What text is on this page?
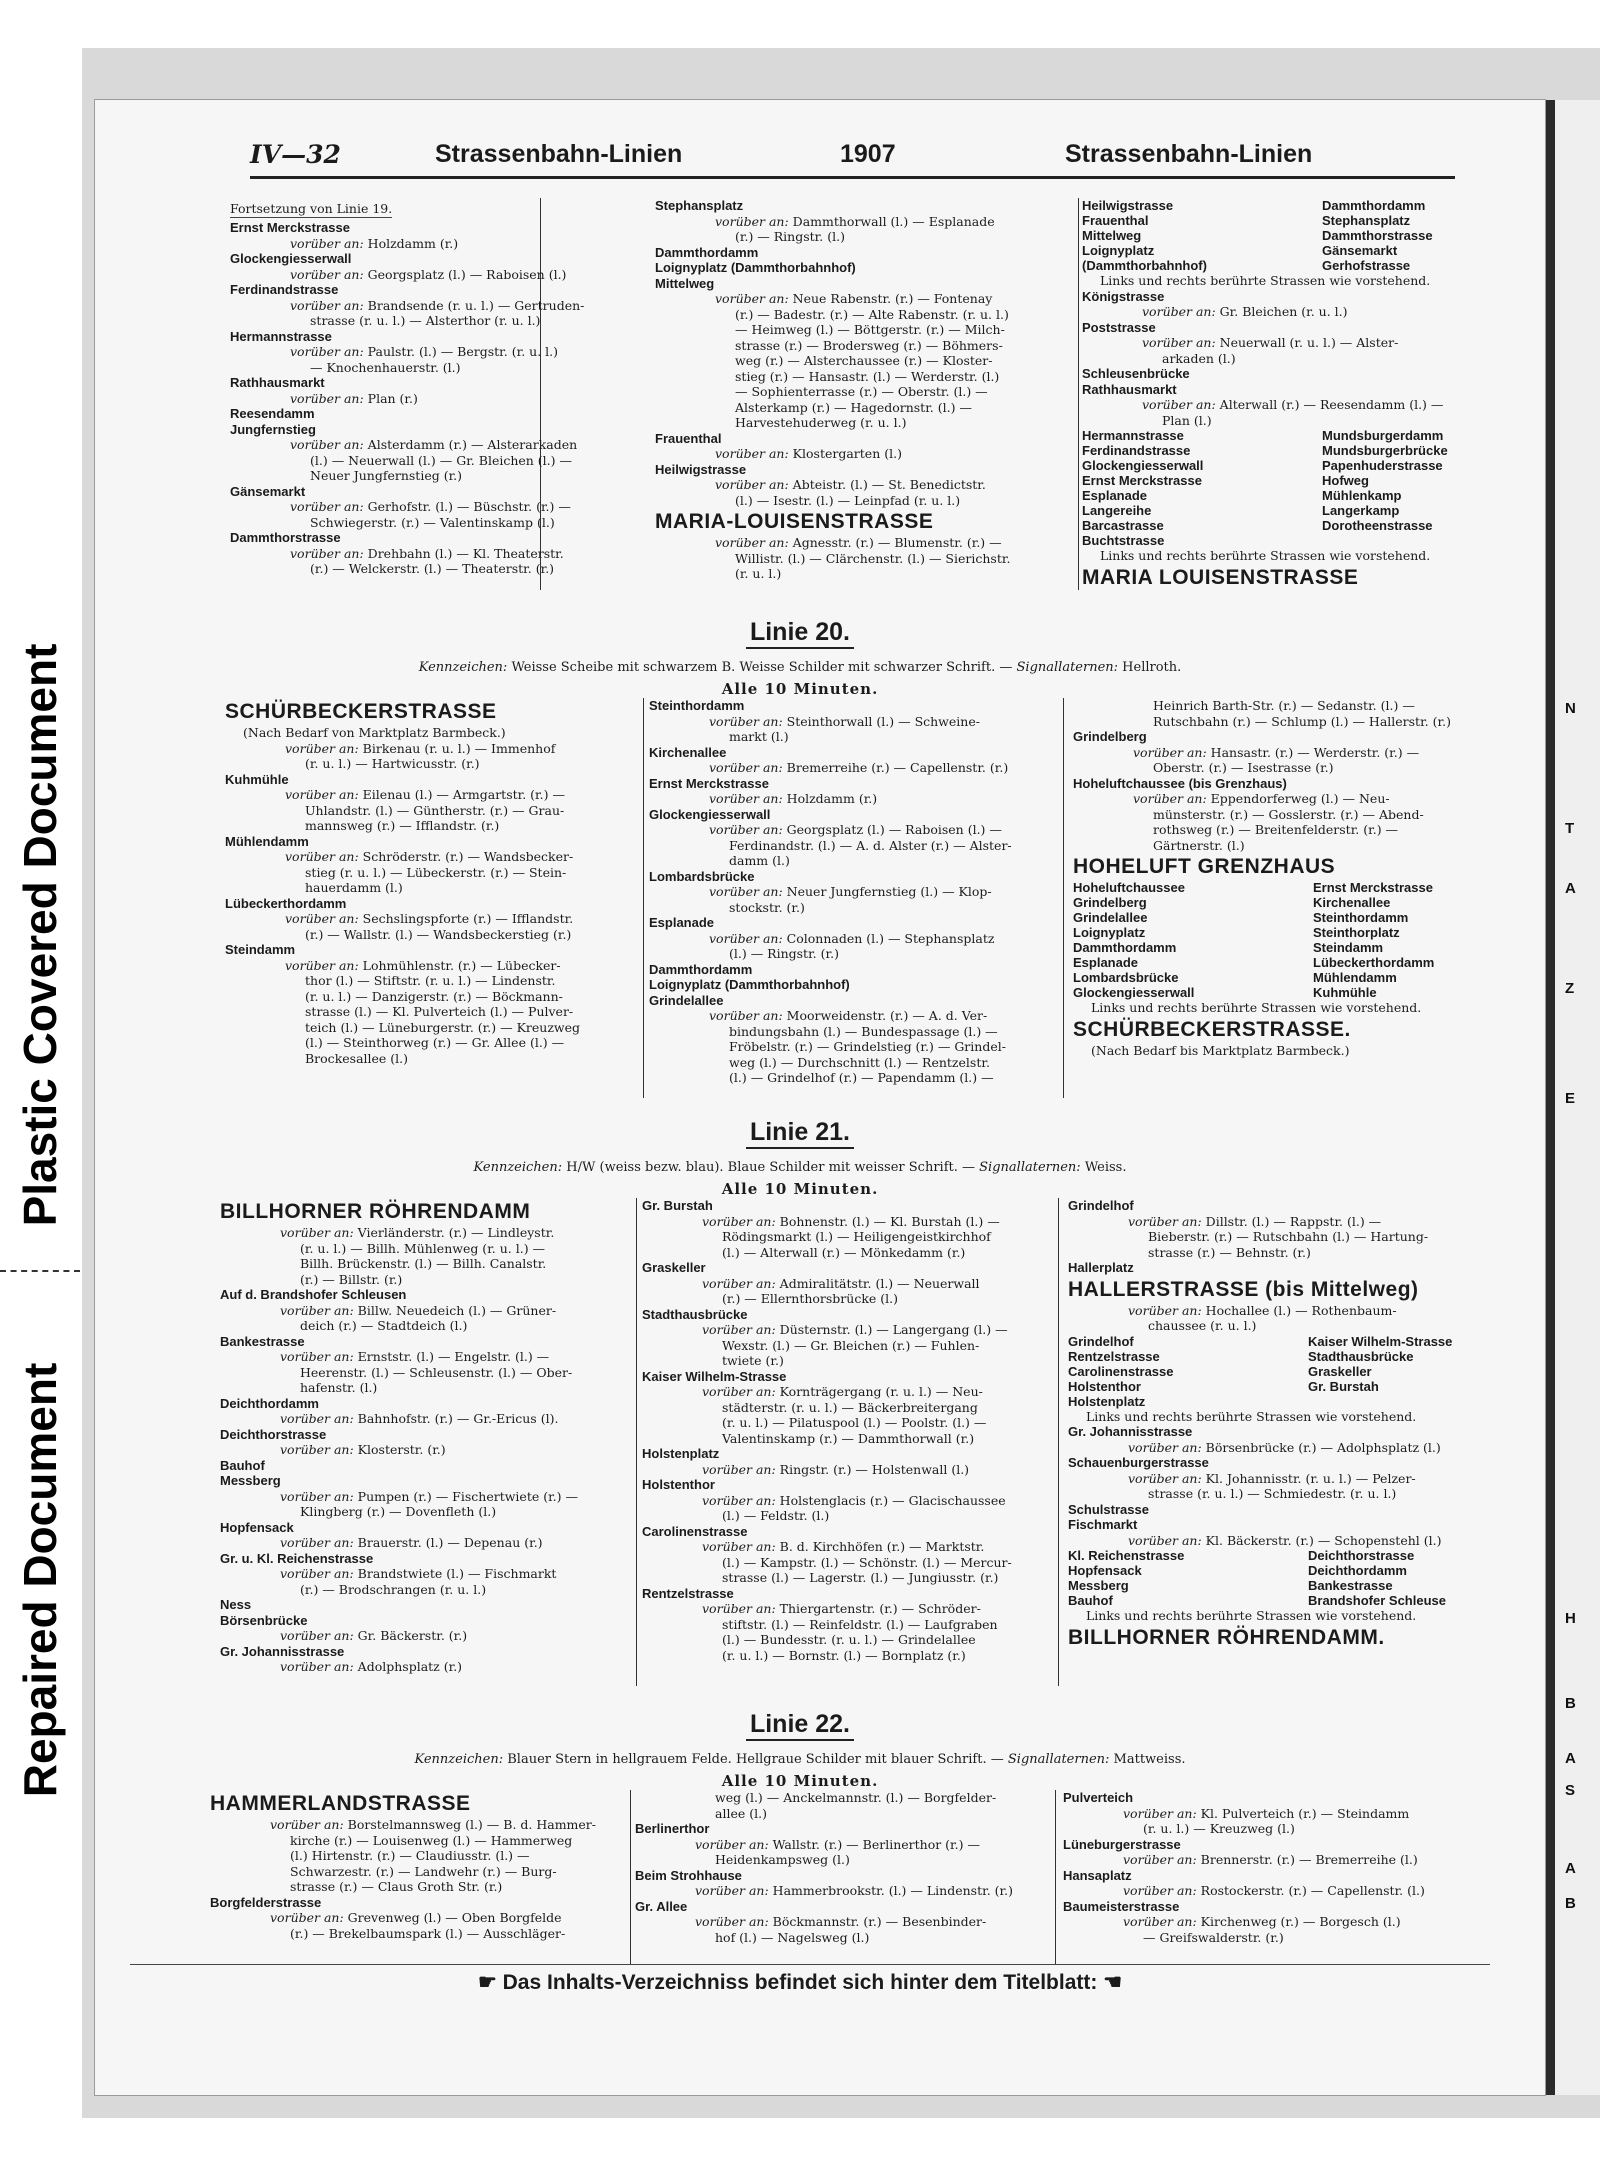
Plastic Covered Document
Repaired Document
N
T
A
Z
E
H
B
A
S
A
B
IV—32	Strassenbahn-Linien	1907	Strassenbahn-Linien
Fortsetzung von Linie 19.
Ernst Merckstrasse
vorüber an: Holzdamm (r.)
Glockengiesserwall
vorüber an: Georgsplatz (l.) — Raboisen (l.)
Ferdinandstrasse
vorüber an: Brandsende (r. u. l.) — Gertruden-
strasse (r. u. l.) — Alsterthor (r. u. l.)
Hermannstrasse
vorüber an: Paulstr. (l.) — Bergstr. (r. u. l.)
— Knochenhauerstr. (l.)
Rathhausmarkt
vorüber an: Plan (r.)
Reesendamm
Jungfernstieg
vorüber an: Alsterdamm (r.) — Alsterarkaden
(l.) — Neuerwall (l.) — Gr. Bleichen (l.) —
Neuer Jungfernstieg (r.)
Gänsemarkt
vorüber an: Gerhofstr. (l.) — Büschstr. (r.) —
Schwiegerstr. (r.) — Valentinskamp (l.)
Dammthorstrasse
vorüber an: Drehbahn (l.) — Kl. Theaterstr.
(r.) — Welckerstr. (l.) — Theaterstr. (r.)
Stephansplatz
vorüber an: Dammthorwall (l.) — Esplanade
(r.) — Ringstr. (l.)
Dammthordamm
Loignyplatz (Dammthorbahnhof)
Mittelweg
vorüber an: Neue Rabenstr. (r.) — Fontenay
(r.) — Badestr. (r.) — Alte Rabenstr. (r. u. l.)
— Heimweg (l.) — Böttgerstr. (r.) — Milch-
strasse (r.) — Brodersweg (r.) — Böhmers-
weg (r.) — Alsterchaussee (r.) — Kloster-
stieg (r.) — Hansastr. (l.) — Werderstr. (l.)
— Sophienterrasse (r.) — Oberstr. (l.) —
Alsterkamp (r.) — Hagedornstr. (l.) —
Harvestehuderweg (r. u. l.)
Frauenthal
vorüber an: Klostergarten (l.)
Heilwigstrasse
vorüber an: Abteistr. (l.) — St. Benedictstr.
(l.) — Isestr. (l.) — Leinpfad (r. u. l.)
MARIA-LOUISENSTRASSE
vorüber an: Agnesstr. (r.) — Blumenstr. (r.) —
Willistr. (l.) — Clärchenstr. (l.) — Sierichstr.
(r. u. l.)
Heilwigstrasse	Dammthordamm
Frauenthal	Stephansplatz
Mittelweg	Dammthorstrasse
Loignyplatz	Gänsemarkt
(Dammthorbahnhof)	Gerhofstrasse
Links und rechts berührte Strassen wie vorstehend.
Königstrasse
vorüber an: Gr. Bleichen (r. u. l.)
Poststrasse
vorüber an: Neuerwall (r. u. l.) — Alster-
arkaden (l.)
Schleusenbrücke
Rathhausmarkt
vorüber an: Alterwall (r.) — Reesendamm (l.) —
Plan (l.)
Hermannstrasse	Mundsburgerdamm
Ferdinandstrasse	Mundsburgerbrücke
Glockengiesserwall	Papenhuderstrasse
Ernst Merckstrasse	Hofweg
Esplanade	Mühlenkamp
Langereihe	Langerkamp
Barcastrasse	Dorotheenstrasse
Buchtstrasse
Links und rechts berührte Strassen wie vorstehend.
MARIA LOUISENSTRASSE
Linie 20.
Kennzeichen: Weisse Scheibe mit schwarzem B. Weisse Schilder mit schwarzer Schrift. — Signallaternen: Hellroth.
Alle 10 Minuten.
SCHÜRBECKERSTRASSE
(Nach Bedarf von Marktplatz Barmbeck.)
vorüber an: Birkenau (r. u. l.) — Immenhof
(r. u. l.) — Hartwicusstr. (r.)
Kuhmühle
vorüber an: Eilenau (l.) — Armgartstr. (r.) —
Uhlandstr. (l.) — Güntherstr. (r.) — Grau-
mannsweg (r.) — Ifflandstr. (r.)
Mühlendamm
vorüber an: Schröderstr. (r.) — Wandsbecker-
stieg (r. u. l.) — Lübeckerstr. (r.) — Stein-
hauerdamm (l.)
Lübeckerthordamm
vorüber an: Sechslingspforte (r.) — Ifflandstr.
(r.) — Wallstr. (l.) — Wandsbeckerstieg (r.)
Steindamm
vorüber an: Lohmühlenstr. (r.) — Lübecker-
thor (l.) — Stiftstr. (r. u. l.) — Lindenstr.
(r. u. l.) — Danzigerstr. (r.) — Böckmann-
strasse (l.) — Kl. Pulverteich (l.) — Pulver-
teich (l.) — Lüneburgerstr. (r.) — Kreuzweg
(l.) — Steinthorweg (r.) — Gr. Allee (l.) —
Brockesallee (l.)
Steinthordamm
vorüber an: Steinthorwall (l.) — Schweine-
markt (l.)
Kirchenallee
vorüber an: Bremerreihe (r.) — Capellenstr. (r.)
Ernst Merckstrasse
vorüber an: Holzdamm (r.)
Glockengiesserwall
vorüber an: Georgsplatz (l.) — Raboisen (l.) —
Ferdinandstr. (l.) — A. d. Alster (r.) — Alster-
damm (l.)
Lombardsbrücke
vorüber an: Neuer Jungfernstieg (l.) — Klop-
stockstr. (r.)
Esplanade
vorüber an: Colonnaden (l.) — Stephansplatz
(l.) — Ringstr. (r.)
Dammthordamm
Loignyplatz (Dammthorbahnhof)
Grindelallee
vorüber an: Moorweidenstr. (r.) — A. d. Ver-
bindungsbahn (l.) — Bundespassage (l.) —
Fröbelstr. (r.) — Grindelstieg (r.) — Grindel-
weg (l.) — Durchschnitt (l.) — Rentzelstr.
(l.) — Grindelhof (r.) — Papendamm (l.) —
Heinrich Barth-Str. (r.) — Sedanstr. (l.) —
Rutschbahn (r.) — Schlump (l.) — Hallerstr. (r.)
Grindelberg
vorüber an: Hansastr. (r.) — Werderstr. (r.) —
Oberstr. (r.) — Isestrasse (r.)
Hoheluftchaussee (bis Grenzhaus)
vorüber an: Eppendorferweg (l.) — Neu-
münsterstr. (r.) — Gosslerstr. (r.) — Abend-
rothsweg (r.) — Breitenfelderstr. (r.) —
Gärtnerstr. (l.)
HOHELUFT GRENZHAUS
Hoheluftchaussee	Ernst Merckstrasse
Grindelberg	Kirchenallee
Grindelallee	Steinthordamm
Loignyplatz	Steinthorplatz
Dammthordamm	Steindamm
Esplanade	Lübeckerthordamm
Lombardsbrücke	Mühlendamm
Glockengiesserwall	Kuhmühle
Links und rechts berührte Strassen wie vorstehend.
SCHÜRBECKERSTRASSE.
(Nach Bedarf bis Marktplatz Barmbeck.)
Linie 21.
Kennzeichen: H/W (weiss bezw. blau). Blaue Schilder mit weisser Schrift. — Signallaternen: Weiss.
Alle 10 Minuten.
BILLHORNER RÖHRENDAMM
vorüber an: Vierländerstr. (r.) — Lindleystr.
(r. u. l.) — Billh. Mühlenweg (r. u. l.) —
Billh. Brückenstr. (l.) — Billh. Canalstr.
(r.) — Billstr. (r.)
Auf d. Brandshofer Schleusen
vorüber an: Billw. Neuedeich (l.) — Grüner-
deich (r.) — Stadtdeich (l.)
Bankestrasse
vorüber an: Ernststr. (l.) — Engelstr. (l.) —
Heerenstr. (l.) — Schleusenstr. (l.) — Ober-
hafenstr. (l.)
Deichthordamm
vorüber an: Bahnhofstr. (r.) — Gr.-Ericus (l).
Deichthorstrasse
vorüber an: Klosterstr. (r.)
Bauhof
Messberg
vorüber an: Pumpen (r.) — Fischertwiete (r.) —
Klingberg (r.) — Dovenfleth (l.)
Hopfensack
vorüber an: Brauerstr. (l.) — Depenau (r.)
Gr. u. Kl. Reichenstrasse
vorüber an: Brandstwiete (l.) — Fischmarkt
(r.) — Brodschrangen (r. u. l.)
Ness
Börsenbrücke
vorüber an: Gr. Bäckerstr. (r.)
Gr. Johannisstrasse
vorüber an: Adolphsplatz (r.)
Gr. Burstah
vorüber an: Bohnenstr. (l.) — Kl. Burstah (l.) —
Rödingsmarkt (l.) — Heiligengeistkirchhof
(l.) — Alterwall (r.) — Mönkedamm (r.)
Graskeller
vorüber an: Admiralitätstr. (l.) — Neuerwall
(r.) — Ellernthorsbrücke (l.)
Stadthausbrücke
vorüber an: Düsternstr. (l.) — Langergang (l.) —
Wexstr. (l.) — Gr. Bleichen (r.) — Fuhlen-
twiete (r.)
Kaiser Wilhelm-Strasse
vorüber an: Kornträgergang (r. u. l.) — Neu-
städterstr. (r. u. l.) — Bäckerbreitergang
(r. u. l.) — Pilatuspool (l.) — Poolstr. (l.) —
Valentinskamp (r.) — Dammthorwall (r.)
Holstenplatz
vorüber an: Ringstr. (r.) — Holstenwall (l.)
Holstenthor
vorüber an: Holstenglacis (r.) — Glacischaussee
(l.) — Feldstr. (l.)
Carolinenstrasse
vorüber an: B. d. Kirchhöfen (r.) — Marktstr.
(l.) — Kampstr. (l.) — Schönstr. (l.) — Mercur-
strasse (l.) — Lagerstr. (l.) — Jungiusstr. (r.)
Rentzelstrasse
vorüber an: Thiergartenstr. (r.) — Schröder-
stiftstr. (l.) — Reinfeldstr. (l.) — Laufgraben
(l.) — Bundesstr. (r. u. l.) — Grindelallee
(r. u. l.) — Bornstr. (l.) — Bornplatz (r.)
Grindelhof
vorüber an: Dillstr. (l.) — Rappstr. (l.) —
Bieberstr. (r.) — Rutschbahn (l.) — Hartung-
strasse (r.) — Behnstr. (r.)
Hallerplatz
HALLERSTRASSE (bis Mittelweg)
vorüber an: Hochallee (l.) — Rothenbaum-
chaussee (r. u. l.)
Grindelhof	Kaiser Wilhelm-Strasse
Rentzelstrasse	Stadthausbrücke
Carolinenstrasse	Graskeller
Holstenthor	Gr. Burstah
Holstenplatz
Links und rechts berührte Strassen wie vorstehend.
Gr. Johannisstrasse
vorüber an: Börsenbrücke (r.) — Adolphsplatz (l.)
Schauenburgerstrasse
vorüber an: Kl. Johannisstr. (r. u. l.) — Pelzer-
strasse (r. u. l.) — Schmiedestr. (r. u. l.)
Schulstrasse
Fischmarkt
vorüber an: Kl. Bäckerstr. (r.) — Schopenstehl (l.)
Kl. Reichenstrasse	Deichthorstrasse
Hopfensack	Deichthordamm
Messberg	Bankestrasse
Bauhof	Brandshofer Schleuse
Links und rechts berührte Strassen wie vorstehend.
BILLHORNER RÖHRENDAMM.
Linie 22.
Kennzeichen: Blauer Stern in hellgrauem Felde. Hellgraue Schilder mit blauer Schrift. — Signallaternen: Mattweiss.
Alle 10 Minuten.
HAMMERLANDSTRASSE
vorüber an: Borstelmannsweg (l.) — B. d. Hammer-
kirche (r.) — Louisenweg (l.) — Hammerweg
(l.) Hirtenstr. (r.) — Claudiusstr. (l.) —
Schwarzestr. (r.) — Landwehr (r.) — Burg-
strasse (r.) — Claus Groth Str. (r.)
Borgfelderstrasse
vorüber an: Grevenweg (l.) — Oben Borgfelde
(r.) — Brekelbaumspark (l.) — Ausschläger-
weg (l.) — Anckelmannstr. (l.) — Borgfelder-
allee (l.)
Berlinerthor
vorüber an: Wallstr. (r.) — Berlinerthor (r.) —
Heidenkampsweg (l.)
Beim Strohhause
vorüber an: Hammerbrookstr. (l.) — Lindenstr. (r.)
Gr. Allee
vorüber an: Böckmannstr. (r.) — Besenbinder-
hof (l.) — Nagelsweg (l.)
Pulverteich
vorüber an: Kl. Pulverteich (r.) — Steindamm
(r. u. l.) — Kreuzweg (l.)
Lüneburgerstrasse
vorüber an: Brennerstr. (r.) — Bremerreihe (l.)
Hansaplatz
vorüber an: Rostockerstr. (r.) — Capellenstr. (l.)
Baumeisterstrasse
vorüber an: Kirchenweg (r.) — Borgesch (l.)
— Greifswalderstr. (r.)
☛ Das Inhalts-Verzeichniss befindet sich hinter dem Titelblatt: ☚
